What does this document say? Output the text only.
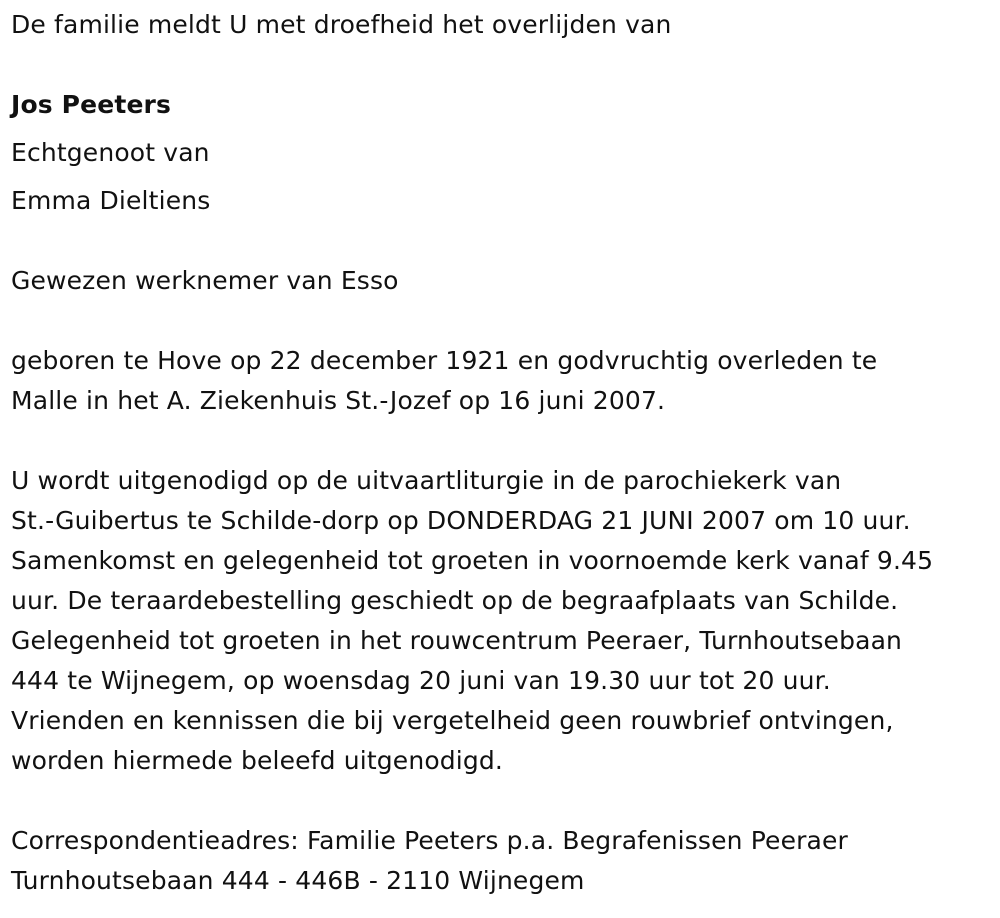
De familie meldt U met droefheid het overlijden van
Jos Peeters
Echtgenoot van
Emma Dieltiens
Gewezen werknemer van Esso
geboren te Hove op 22 december 1921 en godvruchtig overleden te
Malle in het A. Ziekenhuis St.-Jozef op 16 juni 2007.
U wordt uitgenodigd op de uitvaartliturgie in de parochiekerk van
St.-Guibertus te Schilde-dorp op DONDERDAG 21 JUNI 2007 om 10 uur.
Samenkomst en gelegenheid tot groeten in voornoemde kerk vanaf 9.45
uur. De teraardebestelling geschiedt op de begraafplaats van Schilde.
Gelegenheid tot groeten in het rouwcentrum Peeraer, Turnhoutsebaan
444 te Wijnegem, op woensdag 20 juni van 19.30 uur tot 20 uur.
Vrienden en kennissen die bij vergetelheid geen rouwbrief ontvingen,
worden hiermede beleefd uitgenodigd.
Correspondentieadres: Familie Peeters p.a. Begrafenissen Peeraer
Turnhoutsebaan 444 - 446B - 2110 Wijnegem
